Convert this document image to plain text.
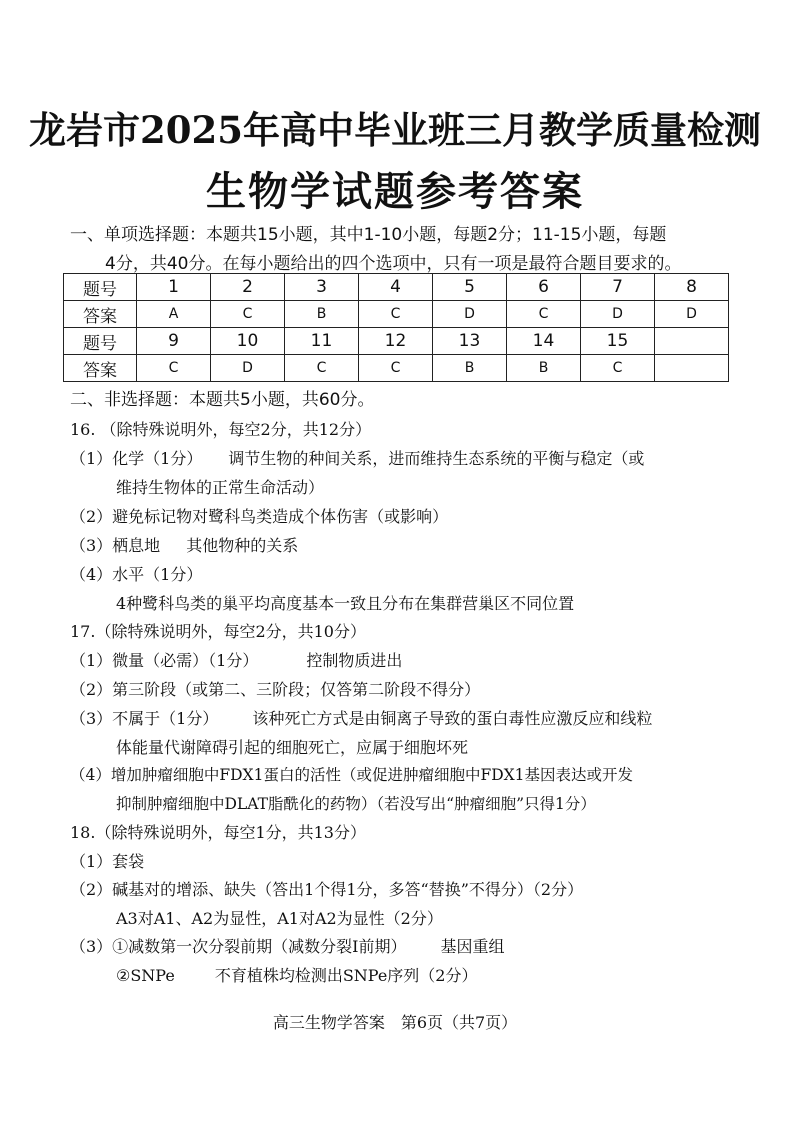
龙岩市2025年高中毕业班三月教学质量检测
生物学试题参考答案
一、单项选择题：本题共15小题，其中1-10小题，每题2分；11-15小题，每题
4分，共40分。在每小题给出的四个选项中，只有一项是最符合题目要求的。
题号	1	2	3	4	5	6	7	8
答案	A	C	B	C	D	C	D	D
题号	9	10	11	12	13	14	15	
答案	C	D	C	C	B	B	C	
二、非选择题：本题共5小题，共60分。
16. （除特殊说明外，每空2分，共12分）
（1）化学（1分） 调节生物的种间关系，进而维持生态系统的平衡与稳定（或
维持生物体的正常生命活动）
（2）避免标记物对鹭科鸟类造成个体伤害（或影响）
（3）栖息地 其他物种的关系
（4）水平（1分）
4种鹭科鸟类的巢平均高度基本一致且分布在集群营巢区不同位置
17.（除特殊说明外，每空2分，共10分）
（1）微量（必需）（1分）	控制物质进出
（2）第三阶段（或第二、三阶段；仅答第二阶段不得分）
（3）不属于（1分） 该种死亡方式是由铜离子导致的蛋白毒性应激反应和线粒
体能量代谢障碍引起的细胞死亡，应属于细胞坏死
（4）增加肿瘤细胞中FDX1蛋白的活性（或促进肿瘤细胞中FDX1基因表达或开发
抑制肿瘤细胞中DLAT脂酰化的药物）（若没写出“肿瘤细胞”只得1分）
18.（除特殊说明外，每空1分，共13分）
（1）套袋
（2）碱基对的增添、缺失（答出1个得1分，多答“替换”不得分）（2分）
A3对A1、A2为显性，A1对A2为显性（2分）
（3）①减数第一次分裂前期（减数分裂Ⅰ前期） 基因重组
②SNPe	不育植株均检测出SNPe序列（2分）
高三生物学答案　第6页（共7页）
